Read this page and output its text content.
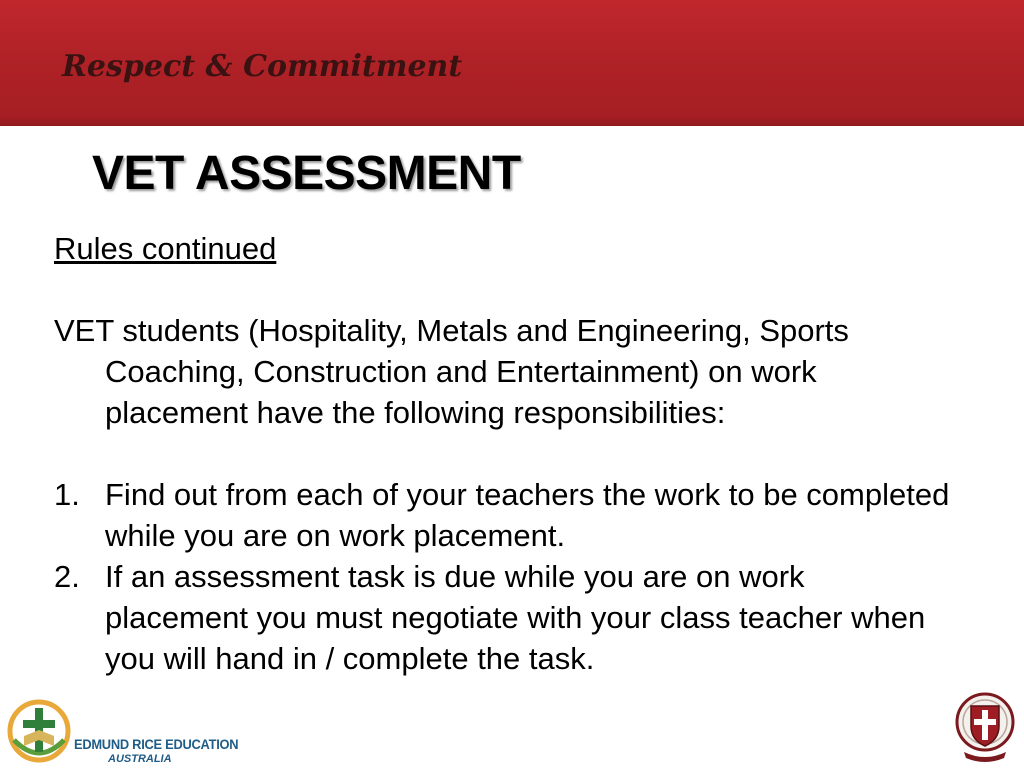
Respect & Commitment
VET ASSESSMENT

Rules continued

VET students (Hospitality, Metals and Engineering, Sports Coaching, Construction and Entertainment) on work placement have the following responsibilities:

1. Find out from each of your teachers the work to be completed while you are on work placement.
2. If an assessment task is due while you are on work placement you must negotiate with your class teacher when you will hand in / complete the task.
EDMUND RICE EDUCATION
AUSTRALIA
